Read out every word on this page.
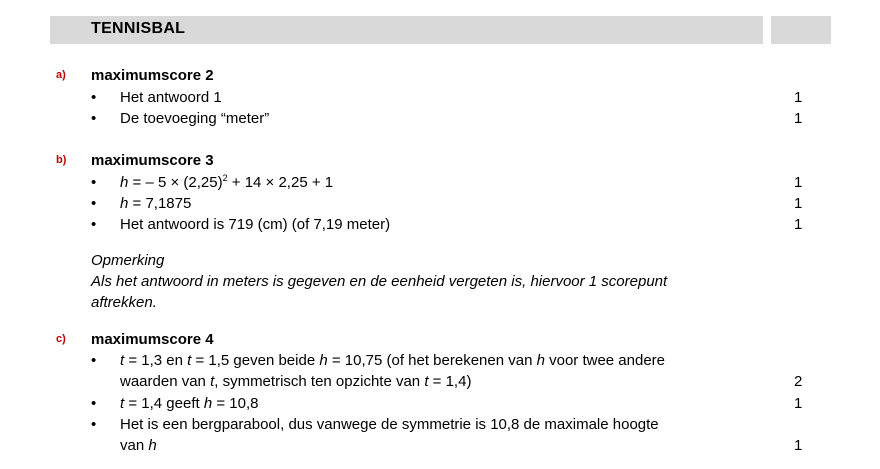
TENNISBAL
a) maximumscore 2
• Het antwoord 1	1
• De toevoeging “meter”	1
b) maximumscore 3
• h = – $5 \times (2,25)^2 + 14 \times 2,25 + 1$	1
• h = 7,1875	1
• Het antwoord is 719 (cm) (of 7,19 meter)	1
Opmerking
Als het antwoord in meters is gegeven en de eenheid vergeten is, hiervoor 1 scorepunt
aftrekken.
c) maximumscore 4
• t = 1,3 en t = 1,5 geven beide h = 10,75 (of het berekenen van h voor twee andere
waarden van t, symmetrisch ten opzichte van t = 1,4)	2
• t = 1,4 geeft h = 10,8	1
• Het is een bergparabool, dus vanwege de symmetrie is 10,8 de maximale hoogte
van h	1
